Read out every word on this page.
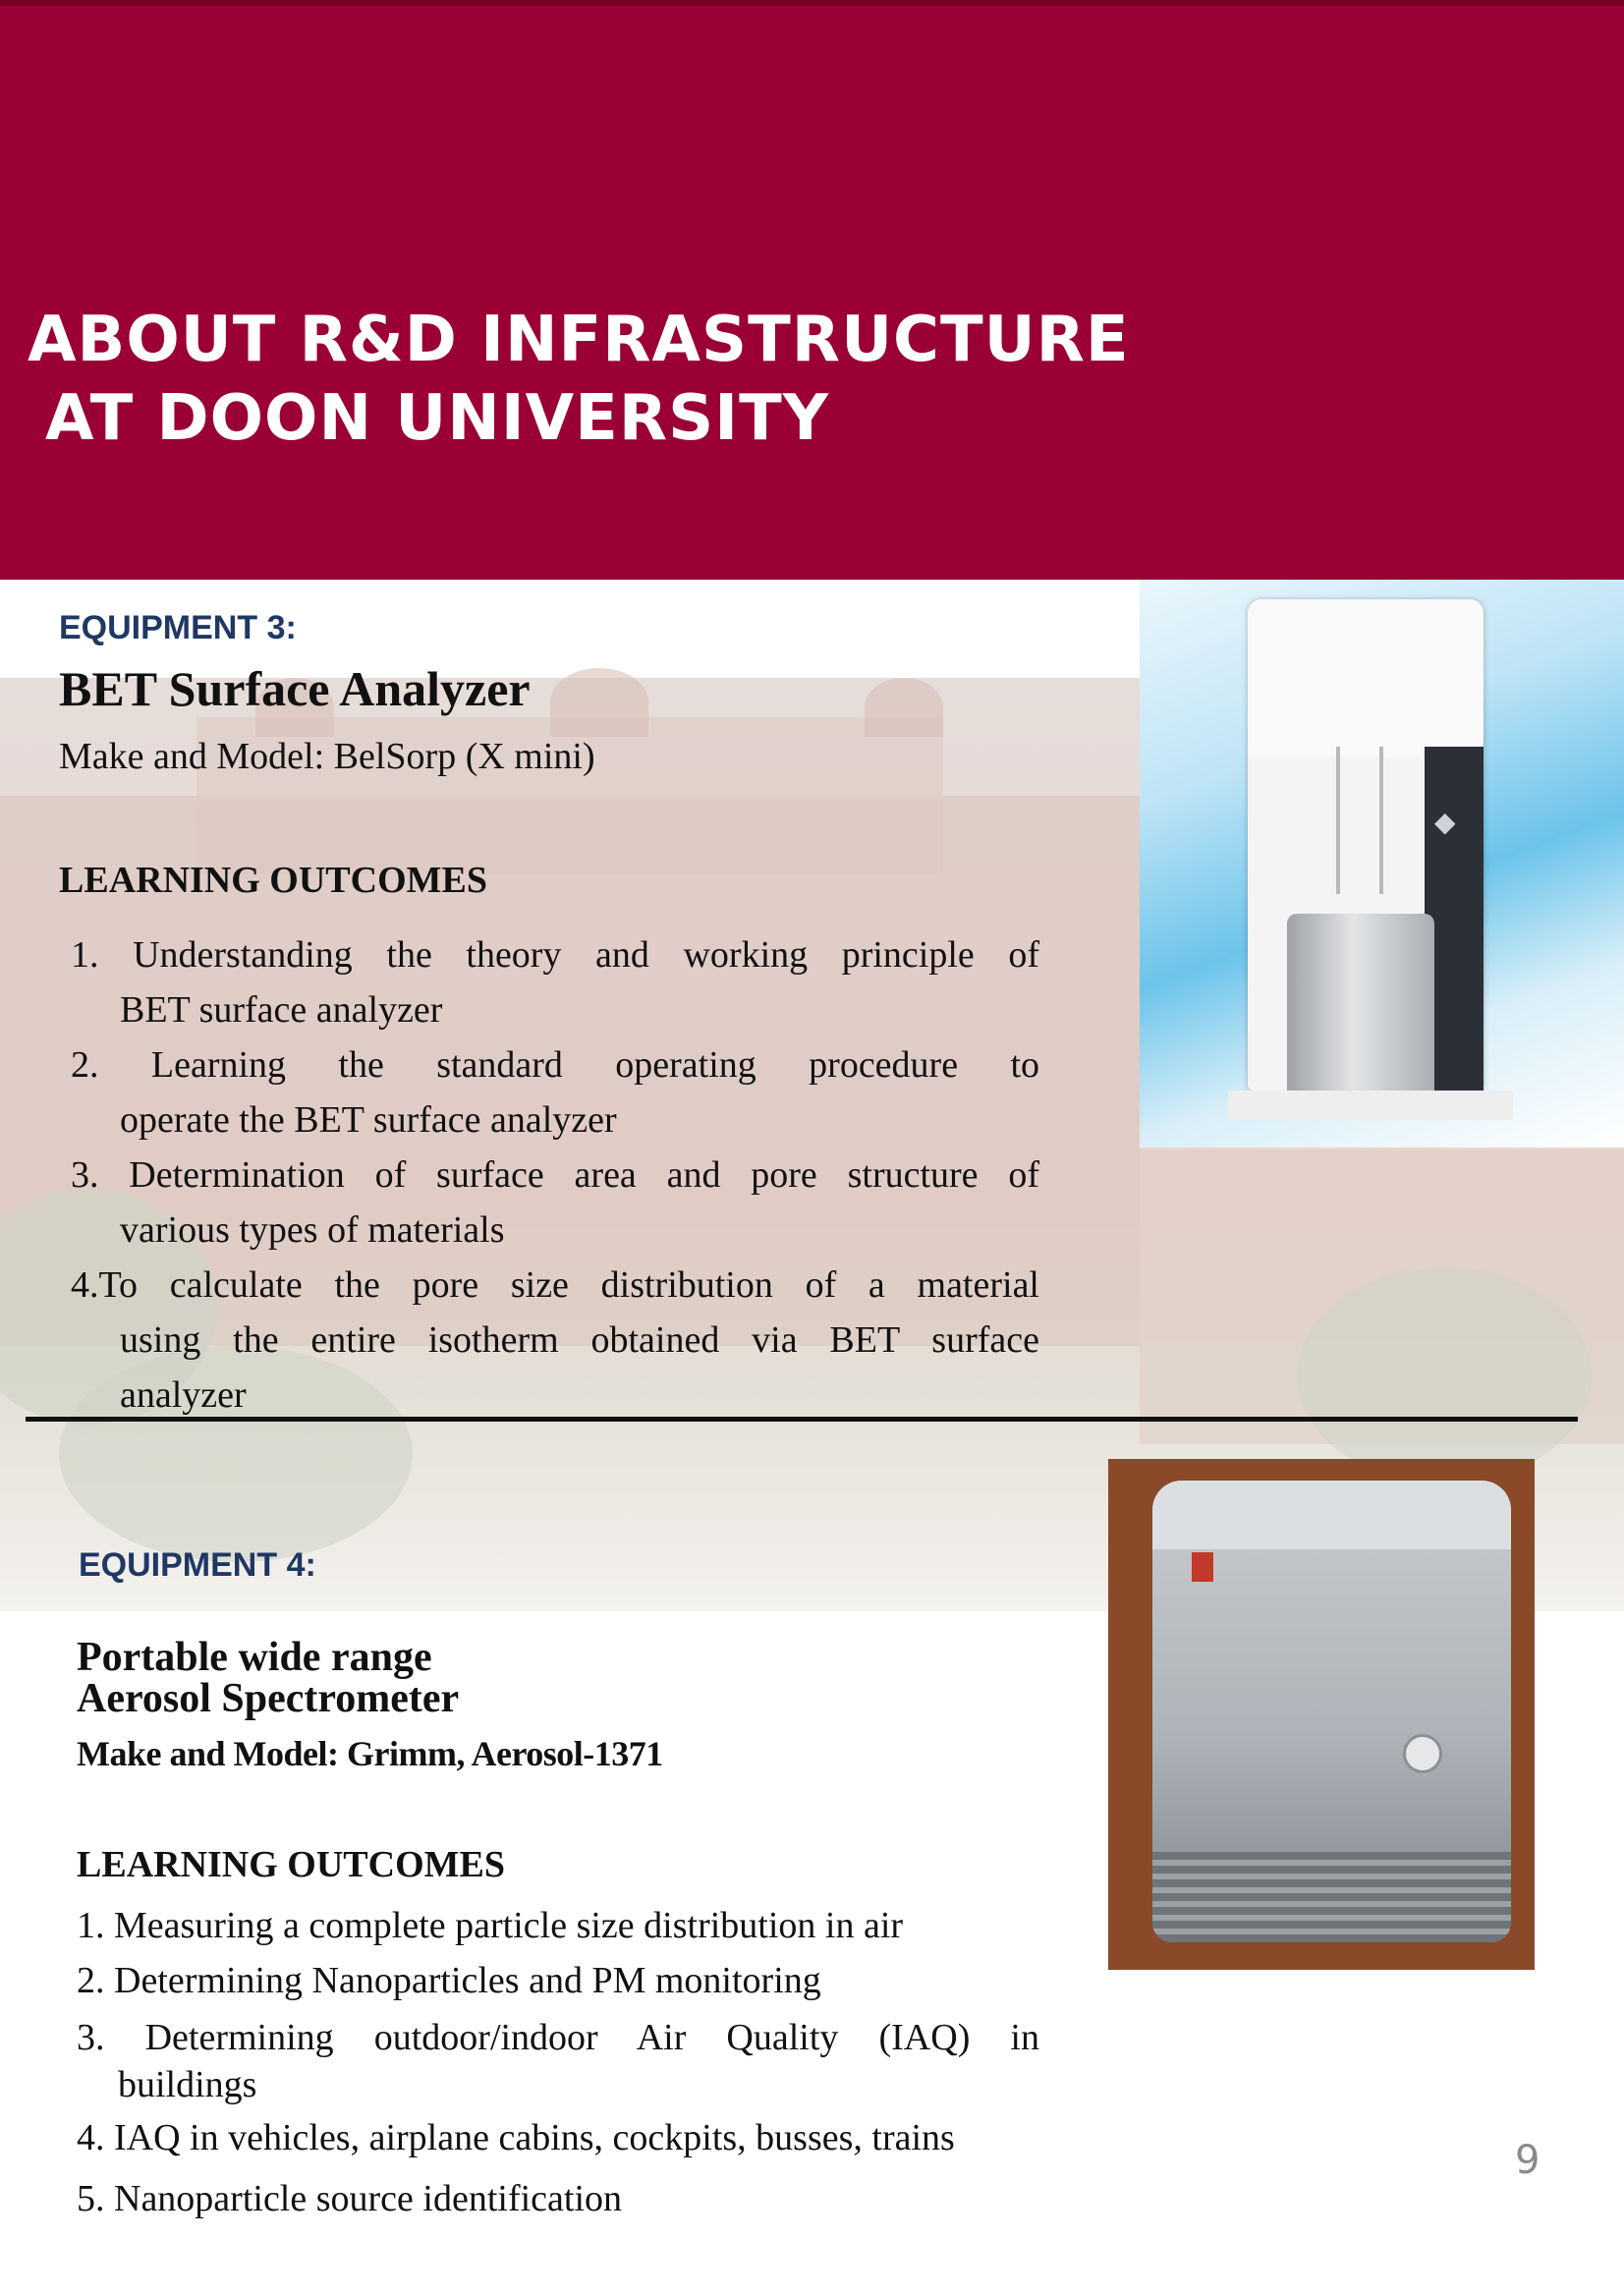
ABOUT R&D INFRASTRUCTURE
AT DOON UNIVERSITY
EQUIPMENT 3:
BET Surface Analyzer
Make and Model: BelSorp (X mini)
LEARNING OUTCOMES
1. Understanding the theory and working principle of
BET surface analyzer
2. Learning the standard operating procedure to
operate the BET surface analyzer
3. Determination of surface area and pore structure of
various types of materials
4.To calculate the pore size distribution of a material
using the entire isotherm obtained via BET surface
analyzer
◆
EQUIPMENT 4:
Portable wide range
Aerosol Spectrometer
Make and Model: Grimm, Aerosol-1371
LEARNING OUTCOMES
1. Measuring a complete particle size distribution in air
2. Determining Nanoparticles and PM monitoring
3. Determining outdoor/indoor Air Quality (IAQ) in
buildings
4. IAQ in vehicles, airplane cabins, cockpits, busses, trains
5. Nanoparticle source identification
9
